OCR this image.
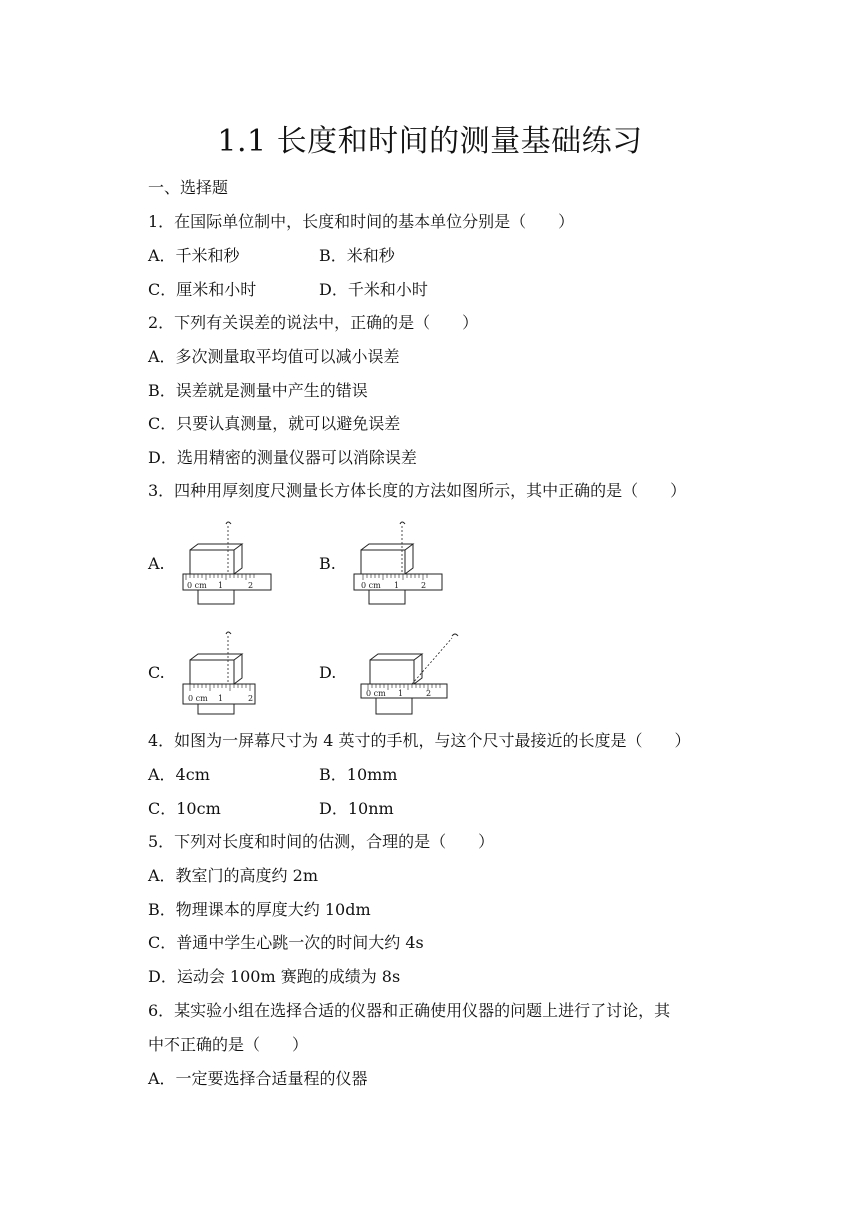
1.1 长度和时间的测量基础练习
一、选择题
1．在国际单位制中，长度和时间的基本单位分别是（　　）
A．千米和秒	B．米和秒
C．厘米和小时	D．千米和小时
2．下列有关误差的说法中，正确的是（　　）
A．多次测量取平均值可以减小误差
B．误差就是测量中产生的错误
C．只要认真测量，就可以避免误差
D．选用精密的测量仪器可以消除误差
3．四种用厚刻度尺测量长方体长度的方法如图所示，其中正确的是（　　）
A.	B.
C.	D.
0 cm 1	2	0 cm 1	2
0 cm 1	2
0 cm 1	2
4．如图为一屏幕尺寸为 4 英寸的手机，与这个尺寸最接近的长度是（　　）
A．4cm	B．10mm
C．10cm	D．10nm
5．下列对长度和时间的估测，合理的是（　　）
A．教室门的高度约 2m
B．物理课本的厚度大约 10dm
C．普通中学生心跳一次的时间大约 4s
D．运动会 100m 赛跑的成绩为 8s
6．某实验小组在选择合适的仪器和正确使用仪器的问题上进行了讨论，其
中不正确的是（　　）
A．一定要选择合适量程的仪器
